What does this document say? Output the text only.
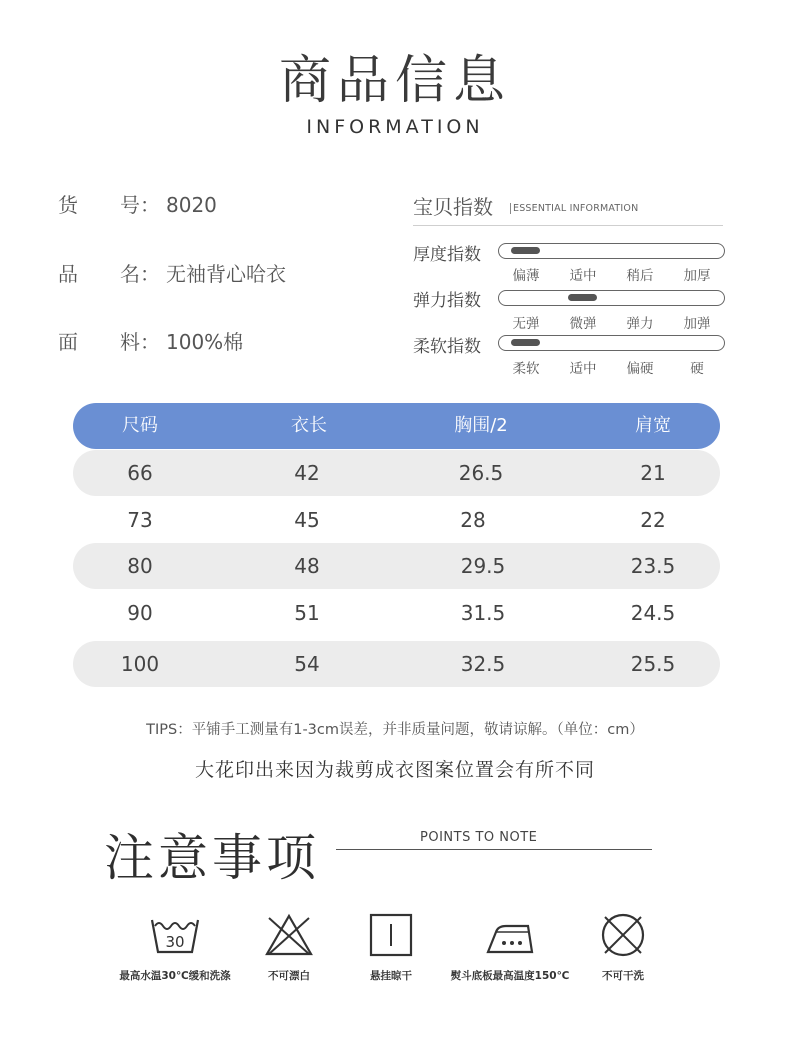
商品信息
INFORMATION
货 号： 8020
品 名： 无袖背心哈衣
面 料： 100%棉
宝贝指数	ESSENTIAL INFORMATION
厚度指数
偏薄	适中	稍后	加厚
弹力指数
无弹	微弹	弹力	加弹
柔软指数
柔软	适中	偏硬	硬
尺码	衣长	胸围/2	肩宽
66	42	26.5	21
73	45	28	22
80	48	29.5	23.5
90	51	31.5	24.5
100	54	32.5	25.5
TIPS：平铺手工测量有1-3cm误差，并非质量问题，敬请谅解。（单位：cm）
大花印出来因为裁剪成衣图案位置会有所不同
注意事项	POINTS TO NOTE
30
最高水温30℃缓和洗涤	不可漂白	悬挂晾干	熨斗底板最高温度150℃	不可干洗
